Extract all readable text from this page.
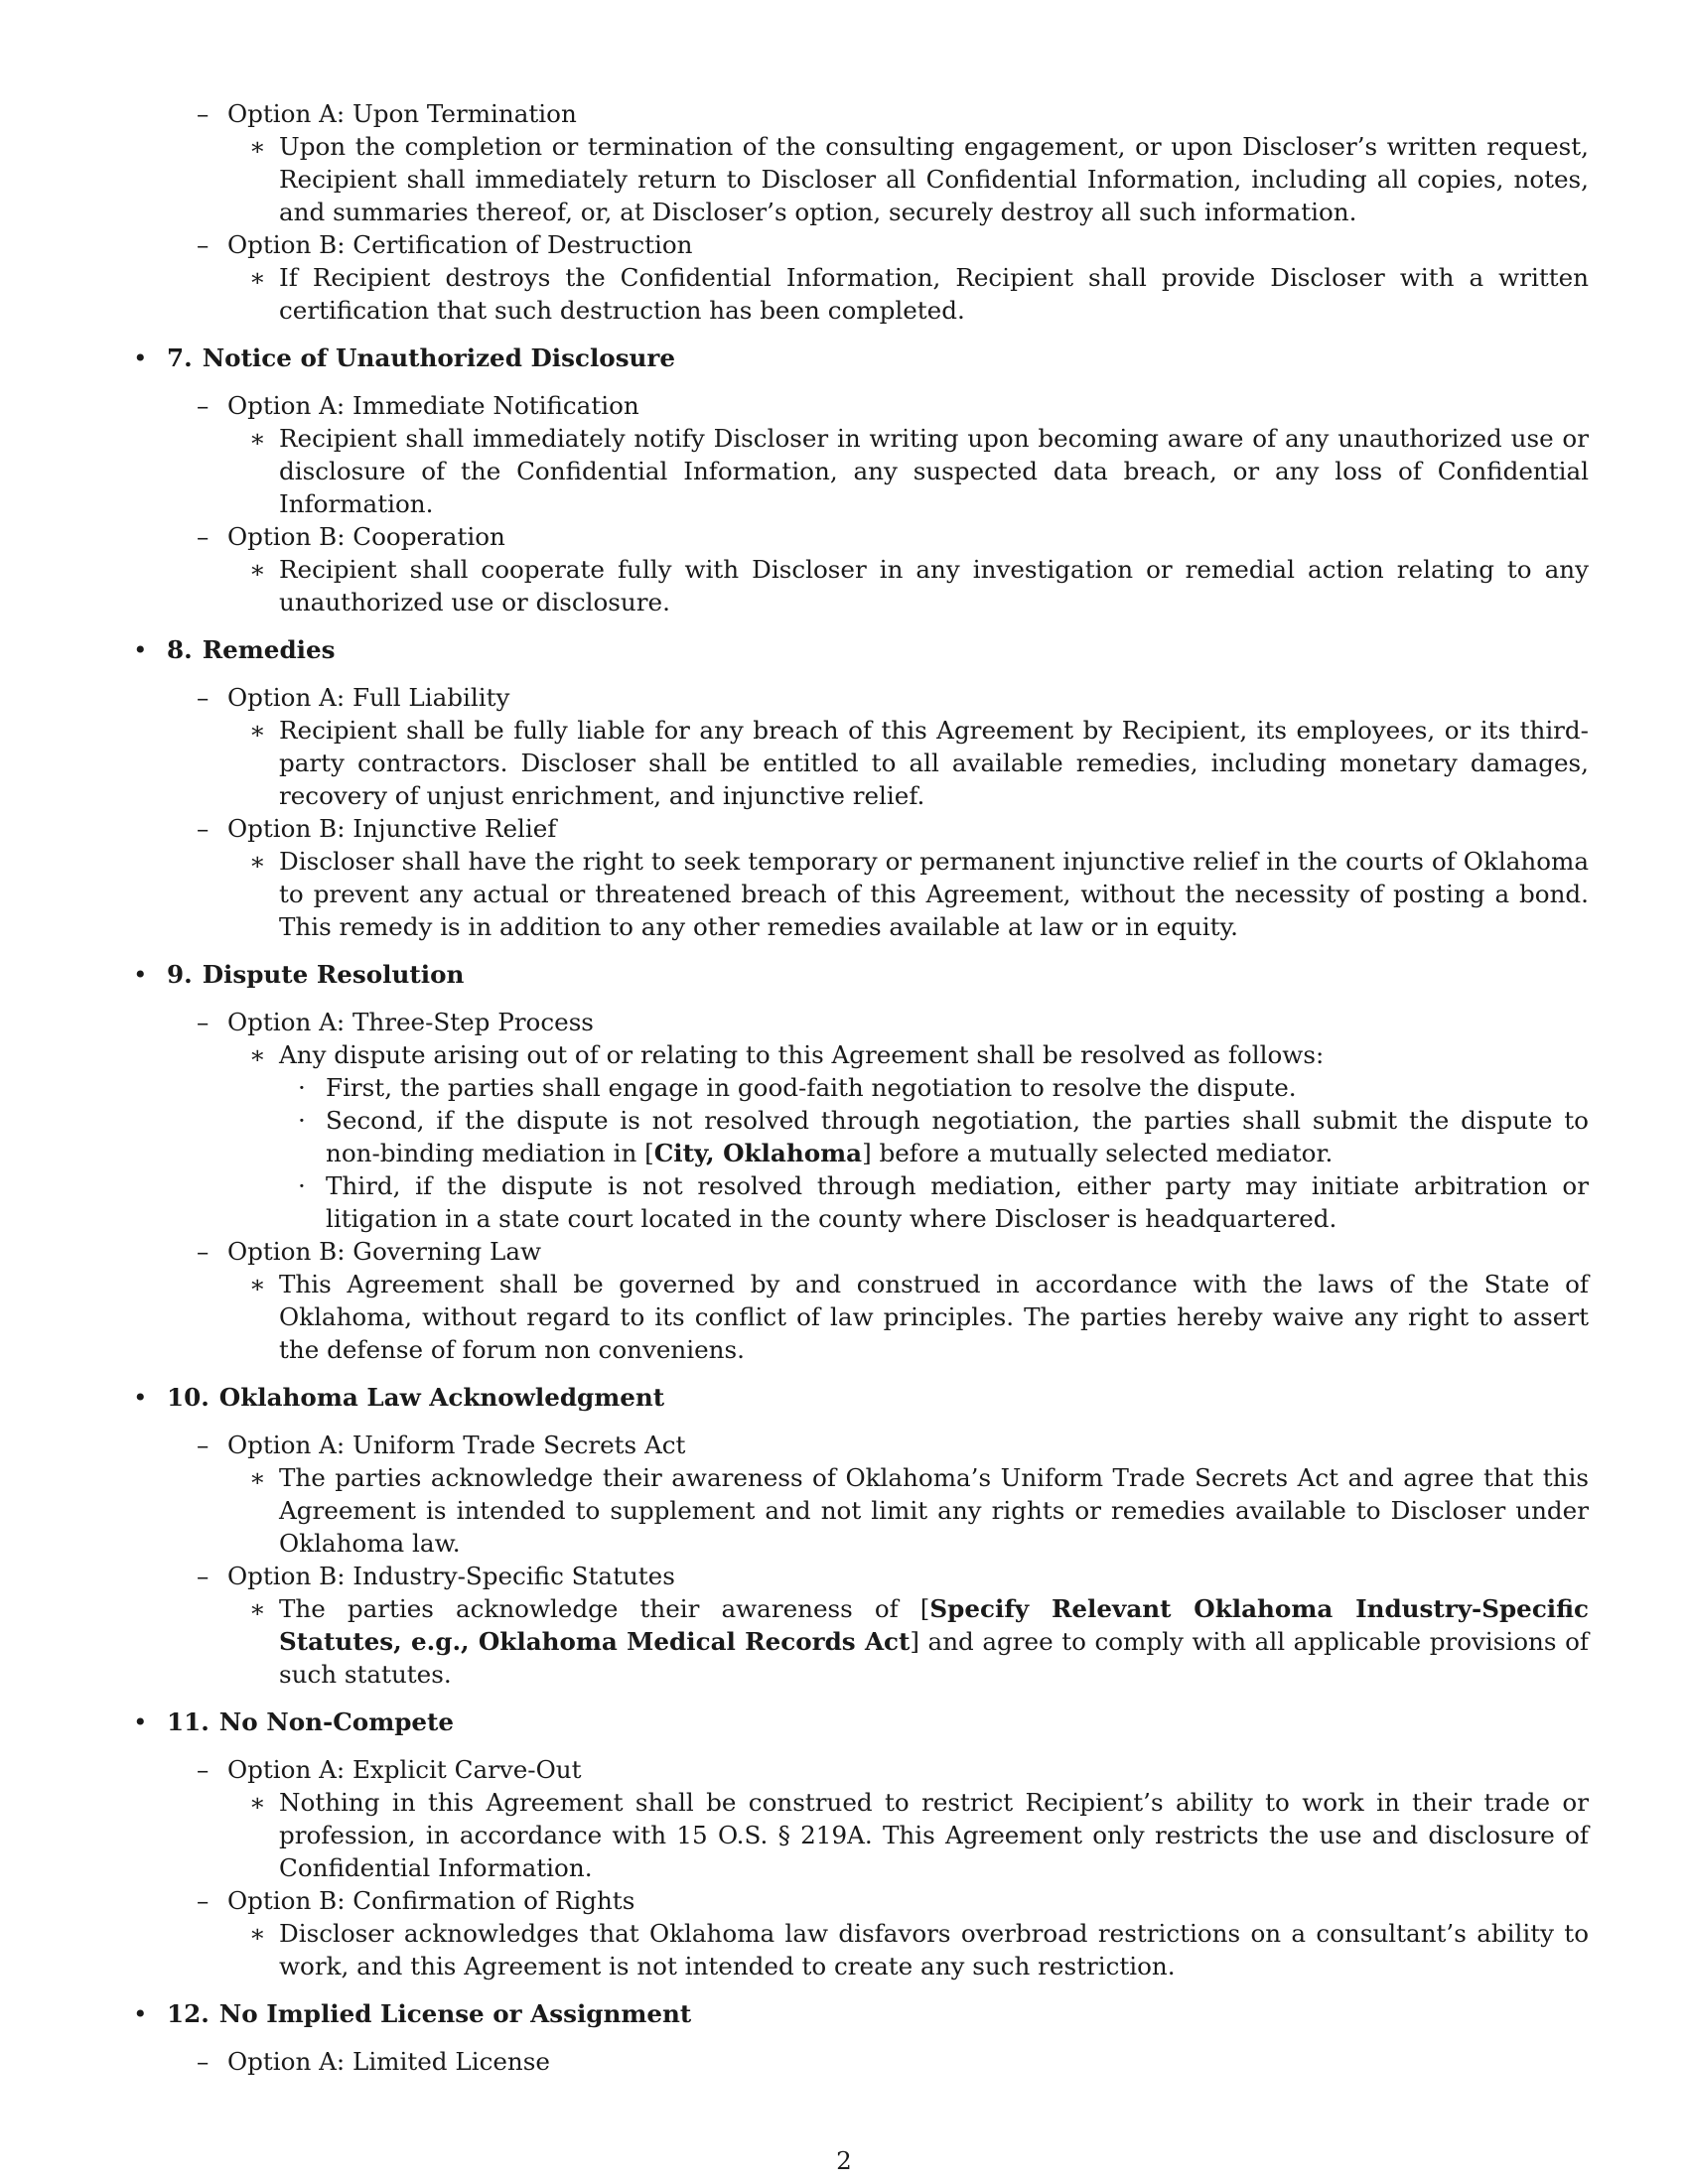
– Option A: Upon Termination
∗ Upon the completion or termination of the consulting engagement, or upon Discloser’s written request, Recipient shall immediately return to Discloser all Confidential Information, including all copies, notes, and summaries thereof, or, at Discloser’s option, securely destroy all such information.
– Option B: Certification of Destruction
∗ If Recipient destroys the Confidential Information, Recipient shall provide Discloser with a written certification that such destruction has been completed.
• 7. Notice of Unauthorized Disclosure
– Option A: Immediate Notification
∗ Recipient shall immediately notify Discloser in writing upon becoming aware of any unauthorized use or disclosure of the Confidential Information, any suspected data breach, or any loss of Confidential Information.
– Option B: Cooperation
∗ Recipient shall cooperate fully with Discloser in any investigation or remedial action relating to any unauthorized use or disclosure.
• 8. Remedies
– Option A: Full Liability
∗ Recipient shall be fully liable for any breach of this Agreement by Recipient, its employees, or its third-party contractors. Discloser shall be entitled to all available remedies, including monetary damages, recovery of unjust enrichment, and injunctive relief.
– Option B: Injunctive Relief
∗ Discloser shall have the right to seek temporary or permanent injunctive relief in the courts of Oklahoma to prevent any actual or threatened breach of this Agreement, without the necessity of posting a bond. This remedy is in addition to any other remedies available at law or in equity.
• 9. Dispute Resolution
– Option A: Three-Step Process
∗ Any dispute arising out of or relating to this Agreement shall be resolved as follows:
· First, the parties shall engage in good-faith negotiation to resolve the dispute.
· Second, if the dispute is not resolved through negotiation, the parties shall submit the dispute to non-binding mediation in [City, Oklahoma] before a mutually selected mediator.
· Third, if the dispute is not resolved through mediation, either party may initiate arbitration or litigation in a state court located in the county where Discloser is headquartered.
– Option B: Governing Law
∗ This Agreement shall be governed by and construed in accordance with the laws of the State of Oklahoma, without regard to its conflict of law principles. The parties hereby waive any right to assert the defense of forum non conveniens.
• 10. Oklahoma Law Acknowledgment
– Option A: Uniform Trade Secrets Act
∗ The parties acknowledge their awareness of Oklahoma’s Uniform Trade Secrets Act and agree that this Agreement is intended to supplement and not limit any rights or remedies available to Discloser under Oklahoma law.
– Option B: Industry-Specific Statutes
∗ The parties acknowledge their awareness of [Specify Relevant Oklahoma Industry-Specific Statutes, e.g., Oklahoma Medical Records Act] and agree to comply with all applicable provisions of such statutes.
• 11. No Non-Compete
– Option A: Explicit Carve-Out
∗ Nothing in this Agreement shall be construed to restrict Recipient’s ability to work in their trade or profession, in accordance with 15 O.S. § 219A. This Agreement only restricts the use and disclosure of Confidential Information.
– Option B: Confirmation of Rights
∗ Discloser acknowledges that Oklahoma law disfavors overbroad restrictions on a consultant’s ability to work, and this Agreement is not intended to create any such restriction.
• 12. No Implied License or Assignment
– Option A: Limited License
2
